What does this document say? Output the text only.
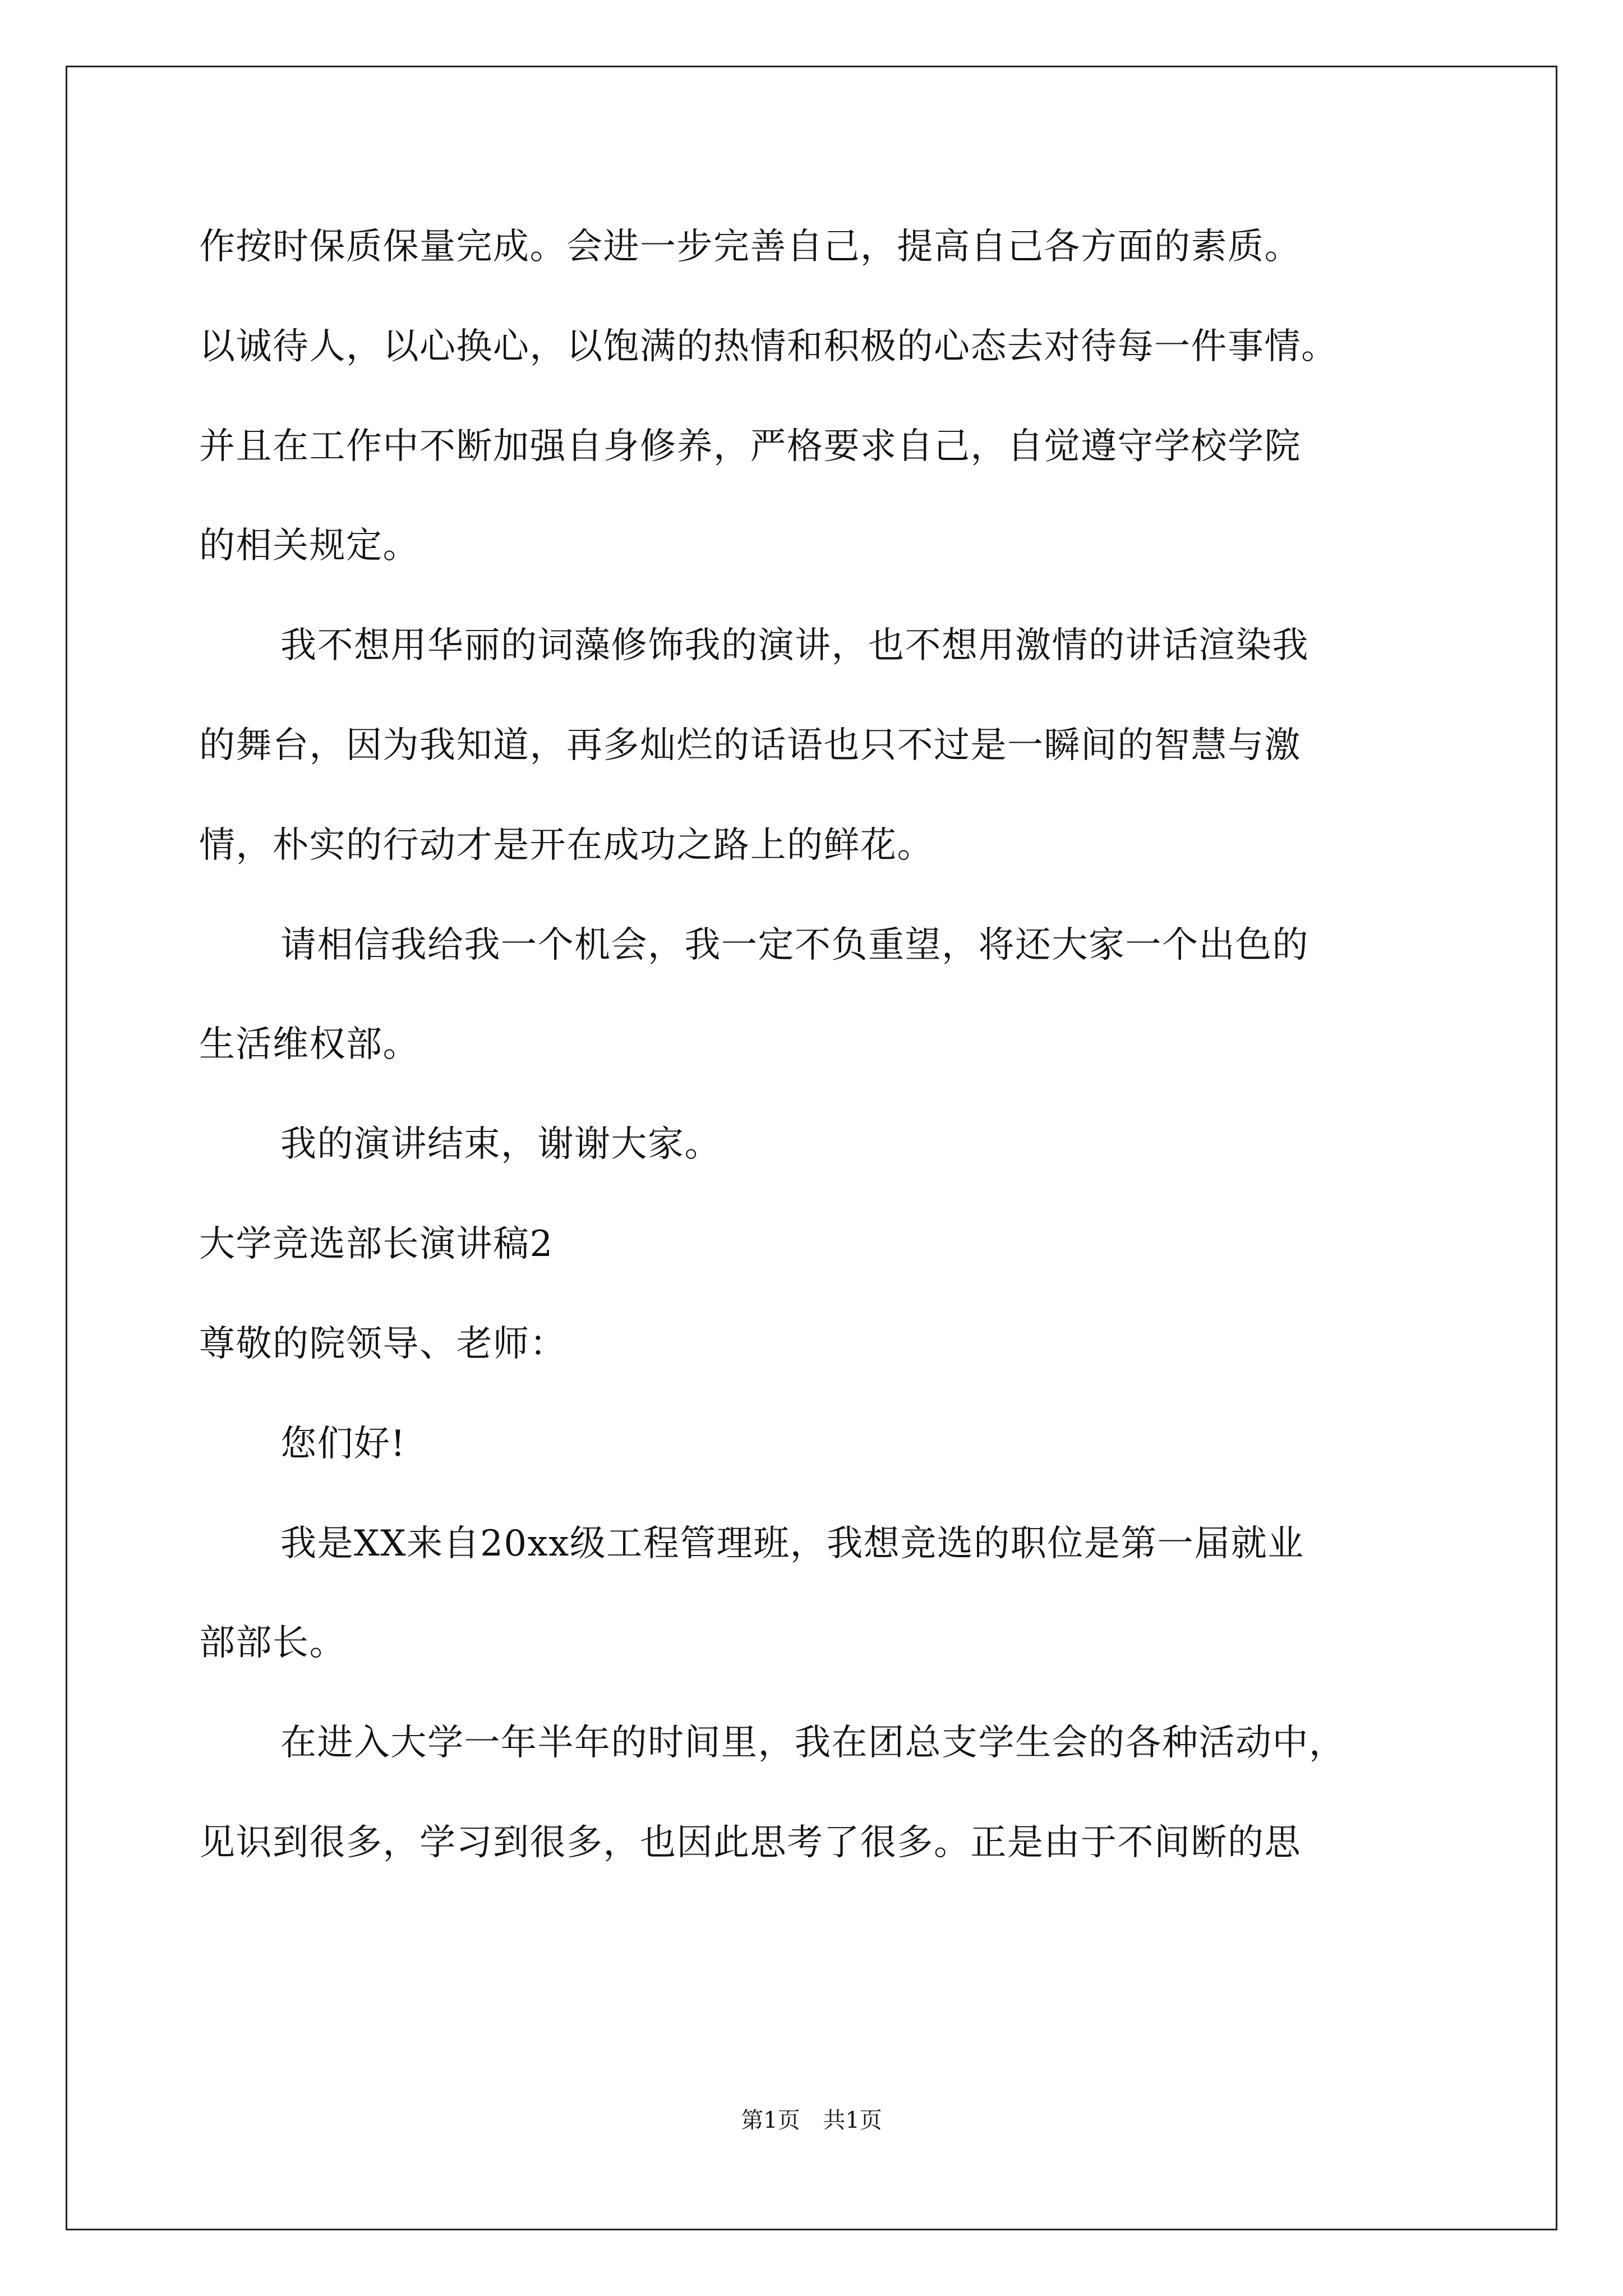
作按时保质保量完成。会进一步完善自己，提高自己各方面的素质。
以诚待人，以心换心，以饱满的热情和积极的心态去对待每一件事情。
并且在工作中不断加强自身修养，严格要求自己，自觉遵守学校学院
的相关规定。
我不想用华丽的词藻修饰我的演讲，也不想用激情的讲话渲染我
的舞台，因为我知道，再多灿烂的话语也只不过是一瞬间的智慧与激
情，朴实的行动才是开在成功之路上的鲜花。
请相信我给我一个机会，我一定不负重望，将还大家一个出色的
生活维权部。
我的演讲结束，谢谢大家。
大学竞选部长演讲稿2
尊敬的院领导、老师：
您们好!
我是XX来自20xx级工程管理班，我想竞选的职位是第一届就业
部部长。
在进入大学一年半年的时间里，我在团总支学生会的各种活动中，
见识到很多，学习到很多，也因此思考了很多。正是由于不间断的思
第1页 共1页
